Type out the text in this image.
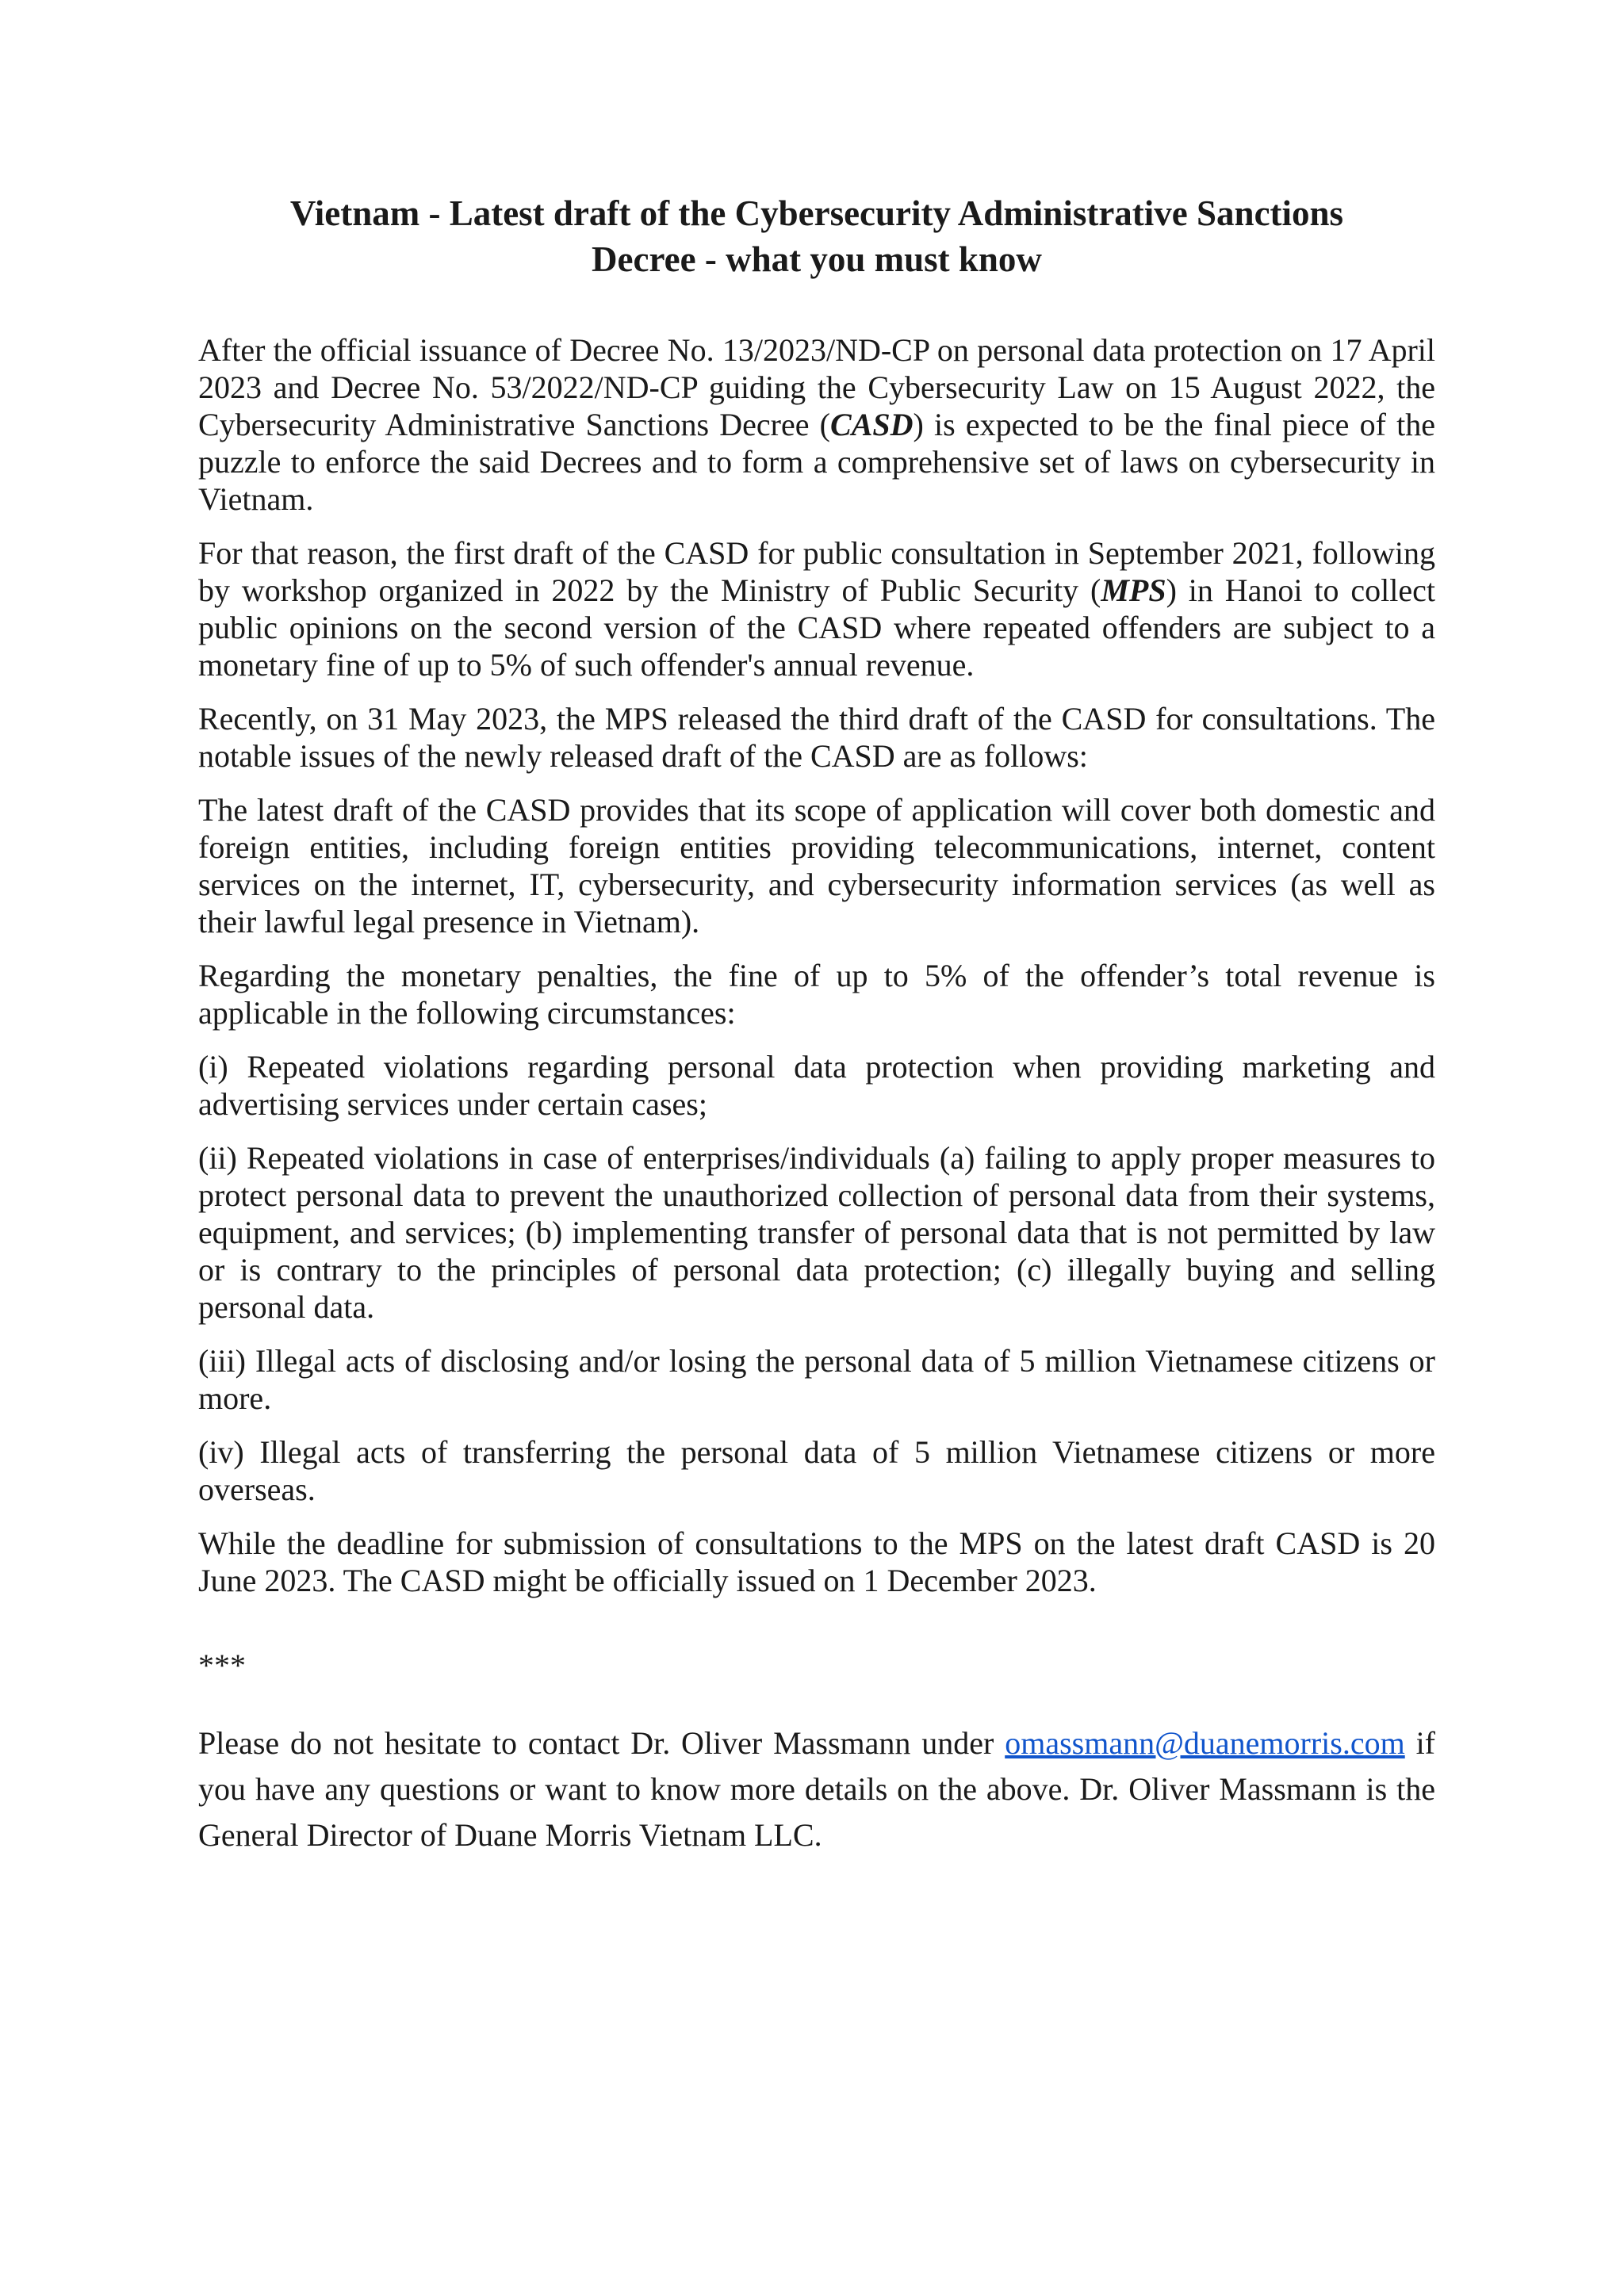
Vietnam - Latest draft of the Cybersecurity Administrative Sanctions
Decree - what you must know

After the official issuance of Decree No. 13/2023/ND-CP on personal data protection on 17 April 2023 and Decree No. 53/2022/ND-CP guiding the Cybersecurity Law on 15 August 2022, the Cybersecurity Administrative Sanctions Decree (CASD) is expected to be the final piece of the puzzle to enforce the said Decrees and to form a comprehensive set of laws on cybersecurity in Vietnam.

For that reason, the first draft of the CASD for public consultation in September 2021, following by workshop organized in 2022 by the Ministry of Public Security (MPS) in Hanoi to collect public opinions on the second version of the CASD where repeated offenders are subject to a monetary fine of up to 5% of such offender's annual revenue.

Recently, on 31 May 2023, the MPS released the third draft of the CASD for consultations. The notable issues of the newly released draft of the CASD are as follows:

The latest draft of the CASD provides that its scope of application will cover both domestic and foreign entities, including foreign entities providing telecommunications, internet, content services on the internet, IT, cybersecurity, and cybersecurity information services (as well as their lawful legal presence in Vietnam).

Regarding the monetary penalties, the fine of up to 5% of the offender’s total revenue is applicable in the following circumstances:

(i) Repeated violations regarding personal data protection when providing marketing and advertising services under certain cases;

(ii) Repeated violations in case of enterprises/individuals (a) failing to apply proper measures to protect personal data to prevent the unauthorized collection of personal data from their systems, equipment, and services; (b) implementing transfer of personal data that is not permitted by law or is contrary to the principles of personal data protection; (c) illegally buying and selling personal data.

(iii) Illegal acts of disclosing and/or losing the personal data of 5 million Vietnamese citizens or more.

(iv) Illegal acts of transferring the personal data of 5 million Vietnamese citizens or more overseas.

While the deadline for submission of consultations to the MPS on the latest draft CASD is 20 June 2023. The CASD might be officially issued on 1 December 2023.

***

Please do not hesitate to contact Dr. Oliver Massmann under omassmann@duanemorris.com if you have any questions or want to know more details on the above. Dr. Oliver Massmann is the General Director of Duane Morris Vietnam LLC.
